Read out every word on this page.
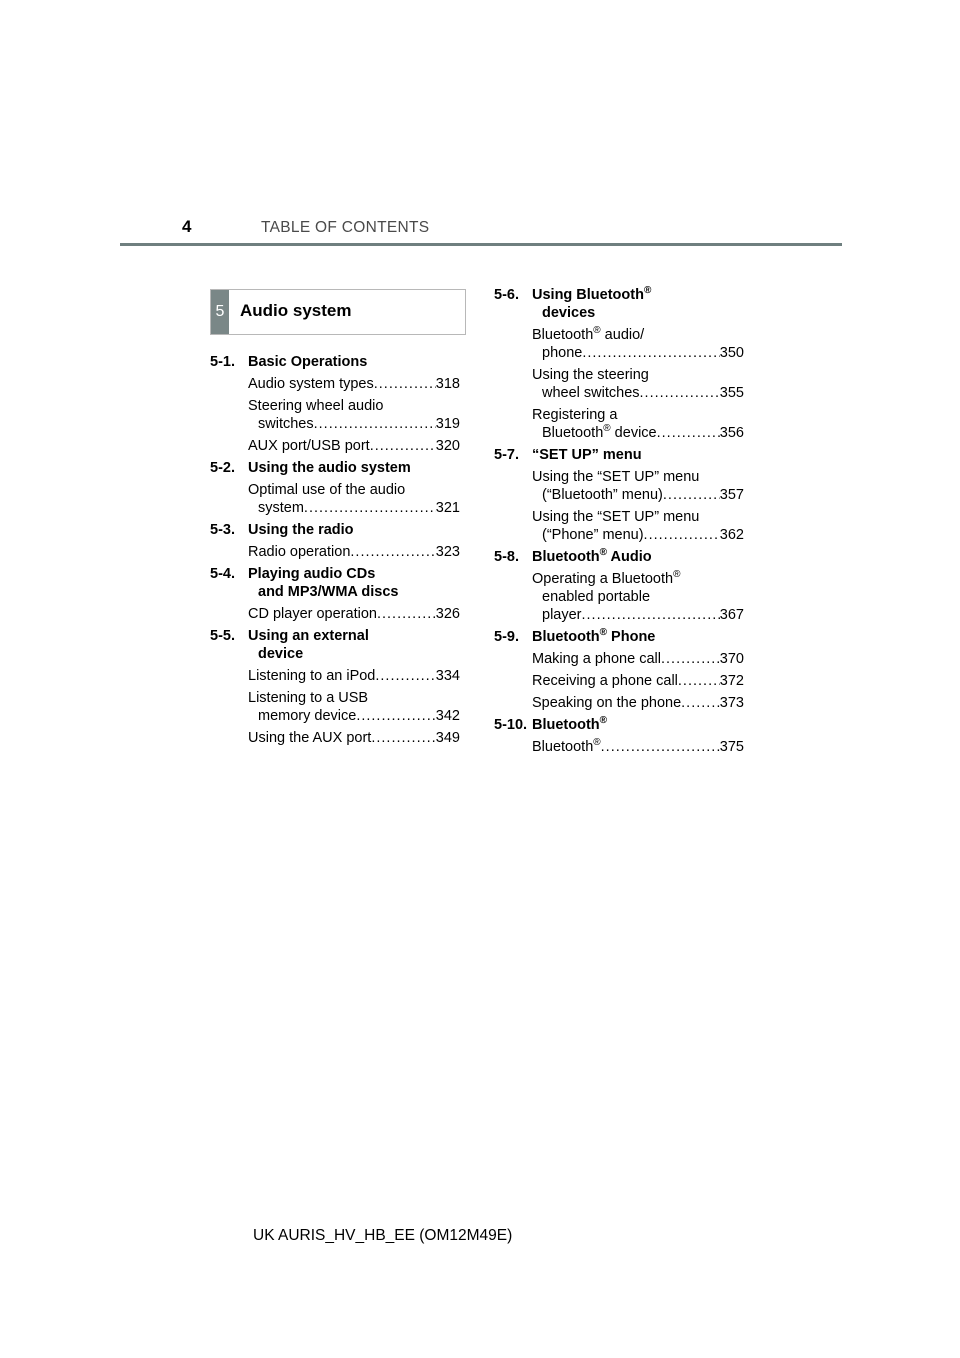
4	TABLE OF CONTENTS
5 Audio system
5-1. Basic Operations
Audio system types .....	318
Steering wheel audio
switches .....	319
AUX port/USB port .....	320
5-2. Using the audio system
Optimal use of the audio
system .....	321
5-3. Using the radio
Radio operation .....	323
5-4. Playing audio CDs
and MP3/WMA discs
CD player operation .....	326
5-5. Using an external
device
Listening to an iPod .....	334
Listening to a USB
memory device .....	342
Using the AUX port .....	349
5-6. Using Bluetooth®
devices
Bluetooth® audio/
phone .....	350
Using the steering
wheel switches .....	355
Registering a
Bluetooth® device .....	356
5-7. “SET UP” menu
Using the “SET UP” menu
(“Bluetooth” menu) .....	357
Using the “SET UP” menu
(“Phone” menu) .....	362
5-8. Bluetooth® Audio
Operating a Bluetooth®
enabled portable
player .....	367
5-9. Bluetooth® Phone
Making a phone call .....	370
Receiving a phone call .....	372
Speaking on the phone .....	373
5-10. Bluetooth®
Bluetooth® .....	375
UK AURIS_HV_HB_EE (OM12M49E)
